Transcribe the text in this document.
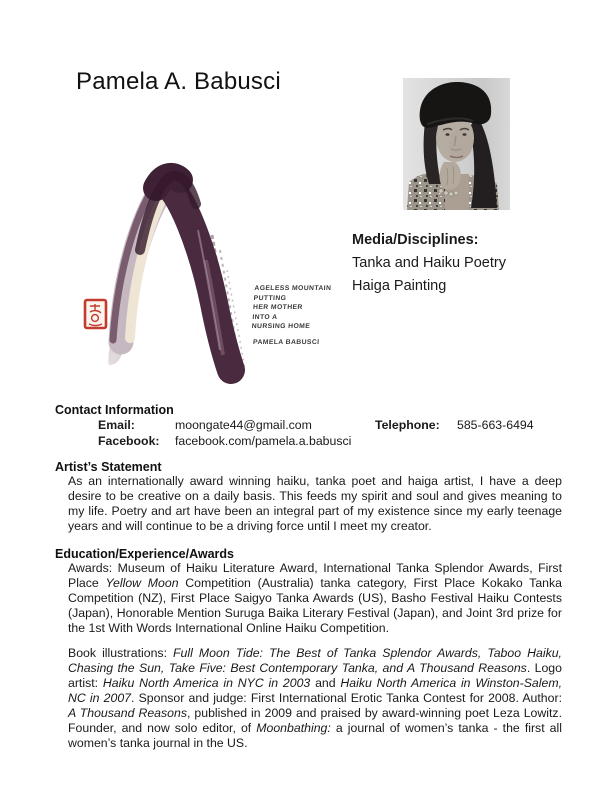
Pamela A. Babusci
AGELESS MOUNTAIN
PUTTING
HER MOTHER
INTO A
NURSING HOME
PAMELA BABUSCI
Media/Disciplines:
Tanka and Haiku Poetry
Haiga Painting
Contact Information
Email:	moongate44@gmail.com	Telephone: 585-663-6494
Facebook: facebook.com/pamela.a.babusci
Artist’s Statement
As an internationally award winning haiku, tanka poet and haiga artist, I have a deep desire to be creative on a daily basis. This feeds my spirit and soul and gives meaning to my life. Poetry and art have been an integral part of my existence since my early teenage years and will continue to be a driving force until I meet my creator.
Education/Experience/Awards
Awards: Museum of Haiku Literature Award, International Tanka Splendor Awards, First Place Yellow Moon Competition (Australia) tanka category, First Place Kokako Tanka Competition (NZ), First Place Saigyo Tanka Awards (US), Basho Festival Haiku Contests (Japan), Honorable Mention Suruga Baika Literary Festival (Japan), and Joint 3rd prize for the 1st With Words International Online Haiku Competition.
Book illustrations: Full Moon Tide: The Best of Tanka Splendor Awards, Taboo Haiku, Chasing the Sun, Take Five: Best Contemporary Tanka, and A Thousand Reasons. Logo artist: Haiku North America in NYC in 2003 and Haiku North America in Winston-Salem, NC in 2007. Sponsor and judge: First International Erotic Tanka Contest for 2008. Author: A Thousand Reasons, published in 2009 and praised by award-winning poet Leza Lowitz. Founder, and now solo editor, of Moonbathing: a journal of women’s tanka - the first all women’s tanka journal in the US.
